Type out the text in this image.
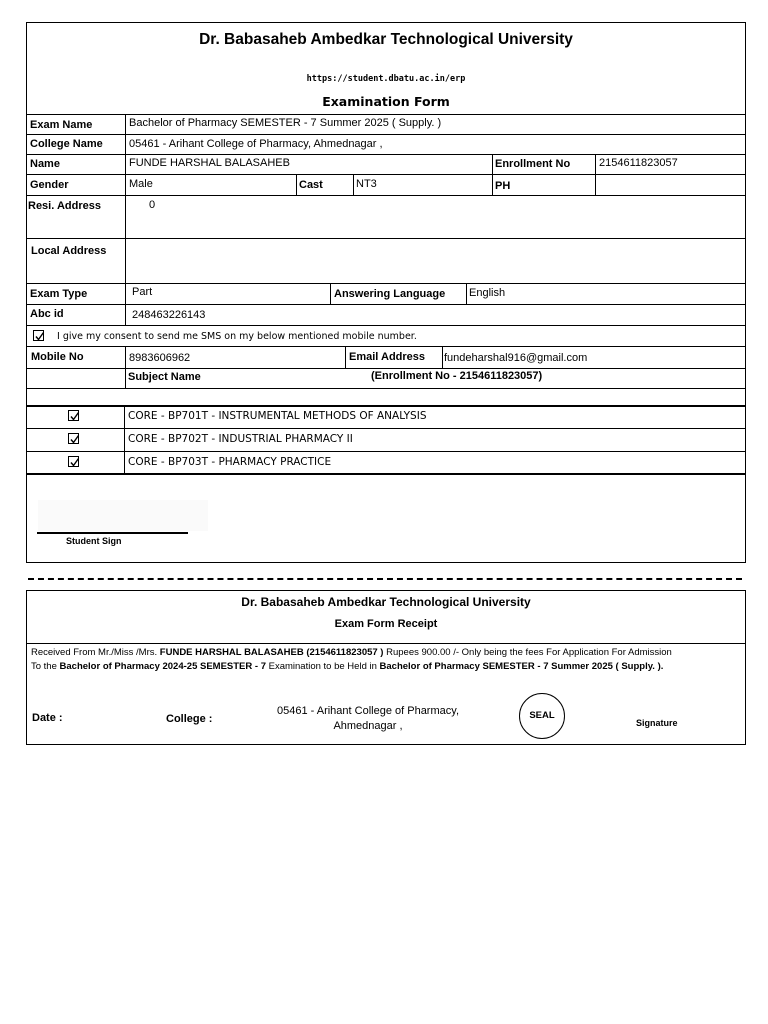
Dr. Babasaheb Ambedkar Technological University
https://student.dbatu.ac.in/erp
Examination Form
Exam Name	Bachelor of Pharmacy SEMESTER - 7 Summer 2025 ( Supply. )
College Name 05461 - Arihant College of Pharmacy, Ahmednagar ,
Name	FUNDE HARSHAL BALASAHEB	Enrollment No	2154611823057
Gender	Male	Cast	NT3	PH
Resi. Address	0
Local Address
Exam Type	Part	Answering Language English
Abc id	248463226143
I give my consent to send me SMS on my below mentioned mobile number.
Mobile No	8983606962	Email Address fundeharshal916@gmail.com
Subject Name	(Enrollment No - 2154611823057)
CORE - BP701T - INSTRUMENTAL METHODS OF ANALYSIS
CORE - BP702T - INDUSTRIAL PHARMACY II
CORE - BP703T - PHARMACY PRACTICE
Student Sign
Dr. Babasaheb Ambedkar Technological University
Exam Form Receipt
Received From Mr./Miss /Mrs. FUNDE HARSHAL BALASAHEB (2154611823057 ) Rupees 900.00 /- Only being the fees For Application For Admission
To the Bachelor of Pharmacy 2024-25 SEMESTER - 7 Examination to be Held in Bachelor of Pharmacy SEMESTER - 7 Summer 2025 ( Supply. ).
Date :	College :
05461 - Arihant College of Pharmacy,
Ahmednagar ,
SEAL
Signature
